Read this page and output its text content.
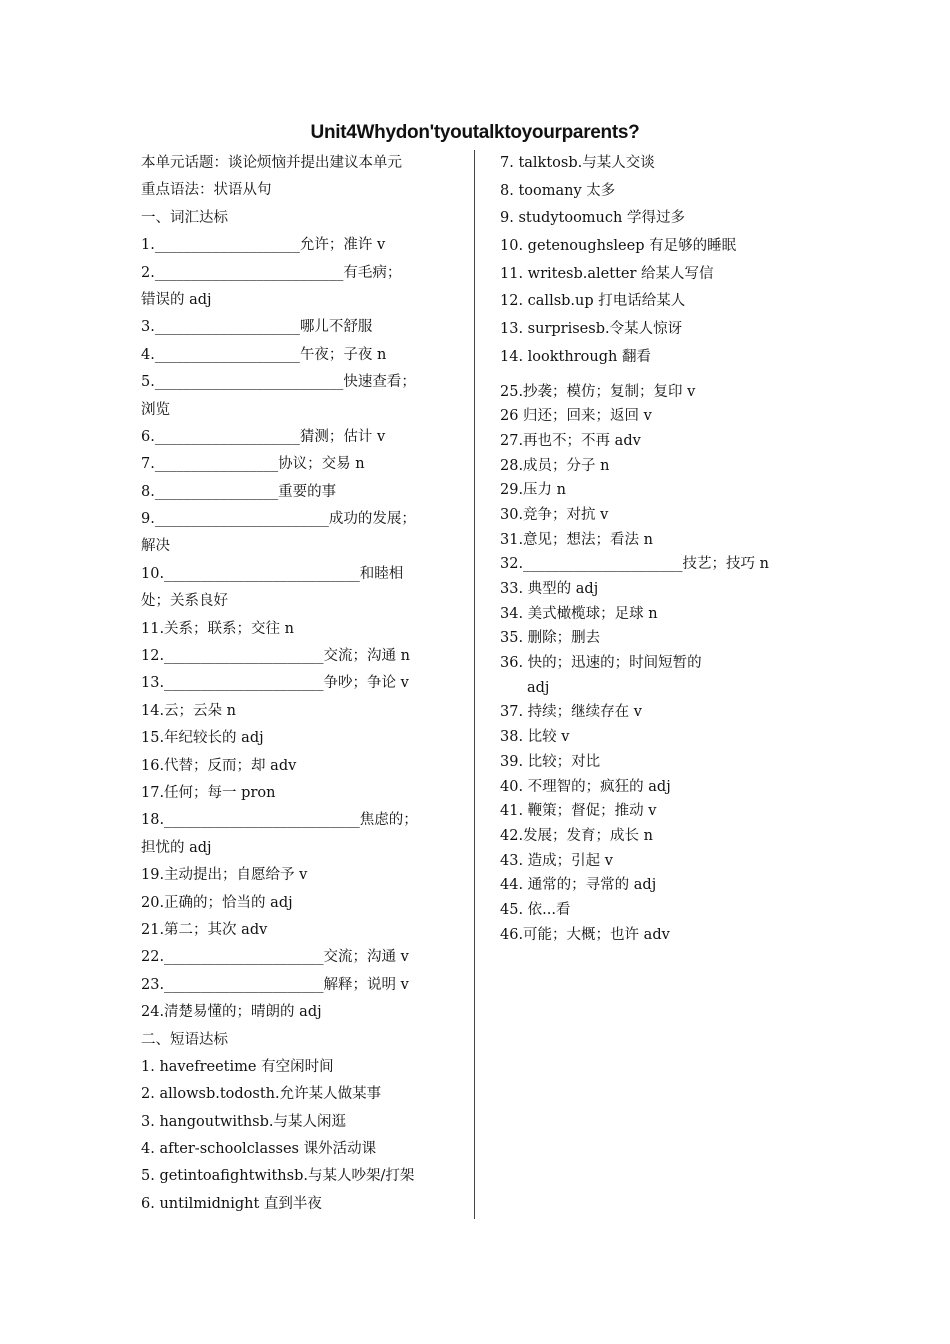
Unit4Whydon'tyoutalktoyourparents?
本单元话题：谈论烦恼并提出建议本单元
重点语法：状语从句
一、词汇达标
1.____________________允许；准许 v
2.__________________________有毛病；
错误的 adj
3.____________________哪儿不舒服
4.____________________午夜；子夜 n
5.__________________________快速查看；
浏览
6.____________________猜测；估计 v
7._________________协议；交易 n
8._________________重要的事
9.________________________成功的发展；
解决
10.___________________________和睦相
处；关系良好
11.关系；联系；交往 n
12.______________________交流；沟通 n
13.______________________争吵；争论 v
14.云；云朵 n
15.年纪较长的 adj
16.代替；反而；却 adv
17.任何；每一 pron
18.___________________________焦虑的；
担忧的 adj
19.主动提出；自愿给予 v
20.正确的；恰当的 adj
21.第二；其次 adv
22.______________________交流；沟通 v
23.______________________解释；说明 v
24.清楚易懂的；晴朗的 adj
二、短语达标
1. havefreetime 有空闲时间
2. allowsb.todosth.允许某人做某事
3. hangoutwithsb.与某人闲逛
4. after-schoolclasses 课外活动课
5. getintoafightwithsb.与某人吵架/打架
6. untilmidnight 直到半夜
7. talktosb.与某人交谈
8. toomany 太多
9. studytoomuch 学得过多
10. getenoughsleep 有足够的睡眠
11. writesb.aletter 给某人写信
12. callsb.up 打电话给某人
13. surprisesb.令某人惊讶
14. lookthrough 翻看
25.抄袭；模仿；复制；复印 v
26 归还；回来；返回 v
27.再也不；不再 adv
28.成员；分子 n
29.压力 n
30.竞争；对抗 v
31.意见；想法；看法 n
32.______________________技艺；技巧 n
33. 典型的 adj
34. 美式橄榄球；足球 n
35. 删除；删去
36. 快的；迅速的；时间短暂的
adj
37. 持续；继续存在 v
38. 比较 v
39. 比较；对比
40. 不理智的；疯狂的 adj
41. 鞭策；督促；推动 v
42.发展；发育；成长 n
43. 造成；引起 v
44. 通常的；寻常的 adj
45. 依...看
46.可能；大概；也许 adv
